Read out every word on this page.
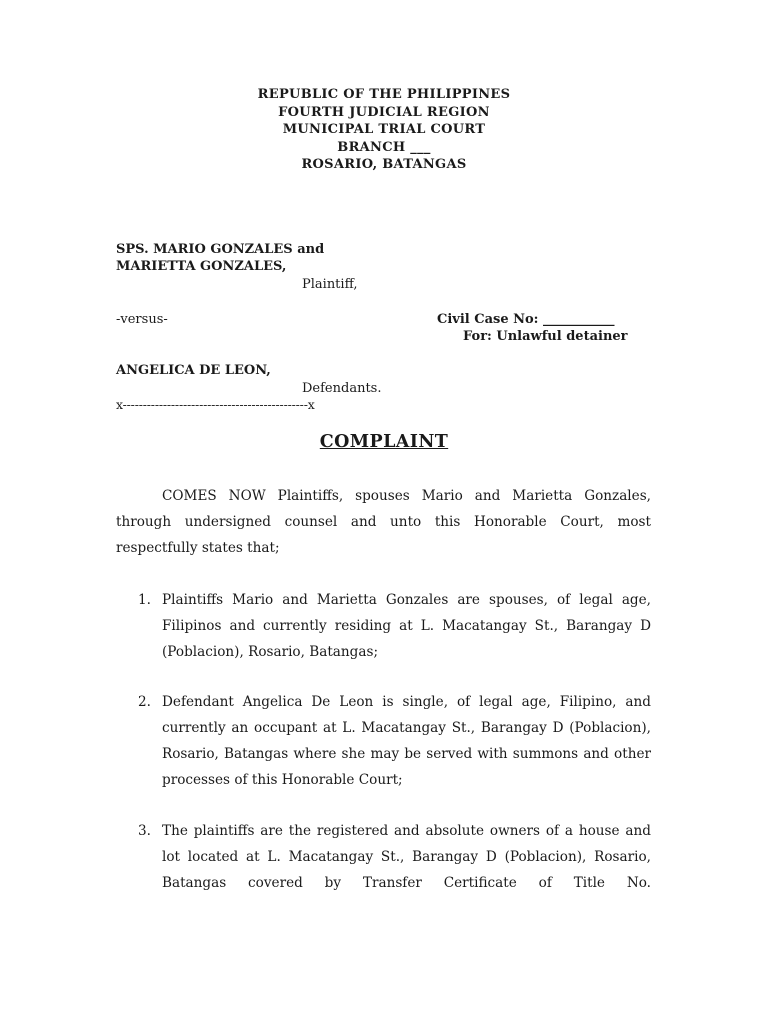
REPUBLIC OF THE PHILIPPINES
FOURTH JUDICIAL REGION
MUNICIPAL TRIAL COURT
BRANCH ___
ROSARIO, BATANGAS
SPS. MARIO GONZALES and
MARIETTA GONZALES,
Plaintiff,
-versus-	Civil Case No: ___________
For: Unlawful detainer
ANGELICA DE LEON,
Defendants.
x----------------------------------------------x
COMPLAINT
COMES NOW Plaintiffs, spouses Mario and Marietta Gonzales, through undersigned counsel and unto this Honorable Court, most respectfully states that;
1. Plaintiffs Mario and Marietta Gonzales are spouses, of legal age, Filipinos and currently residing at L. Macatangay St., Barangay D (Poblacion), Rosario, Batangas;
2. Defendant Angelica De Leon is single, of legal age, Filipino, and currently an occupant at L. Macatangay St., Barangay D (Poblacion), Rosario, Batangas where she may be served with summons and other processes of this Honorable Court;
3. The plaintiffs are the registered and absolute owners of a house and lot located at L. Macatangay St., Barangay D (Poblacion), Rosario, Batangas covered by Transfer Certificate of Title No.
